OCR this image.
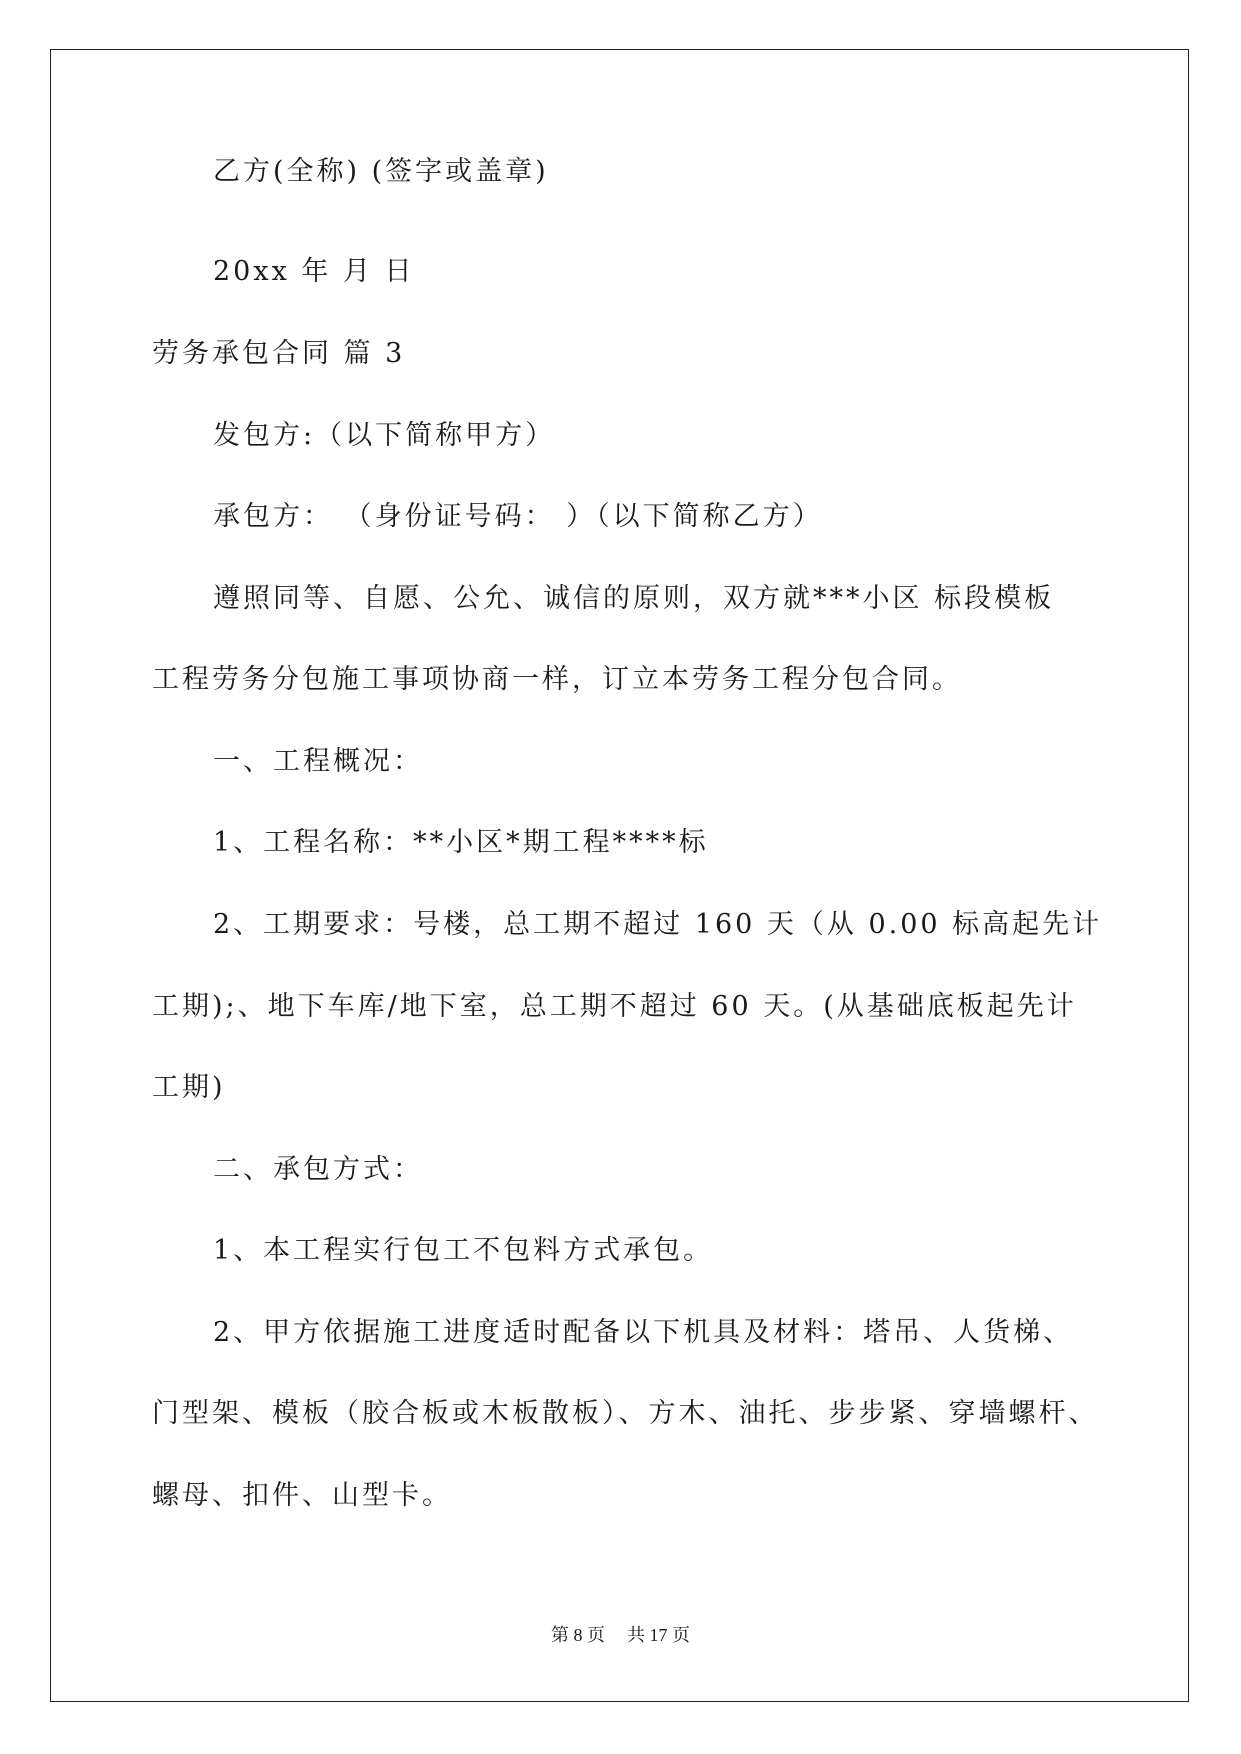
乙方(全称) (签字或盖章)
20xx 年 月 日
劳务承包合同 篇 3
发包方:（以下简称甲方）
承包方： （身份证号码： ）（以下简称乙方）
遵照同等、自愿、公允、诚信的原则，双方就***小区 标段模板
工程劳务分包施工事项协商一样，订立本劳务工程分包合同。
一、工程概况：
1、工程名称：**小区*期工程****标
2、工期要求：号楼，总工期不超过 160 天（从 0.00 标高起先计
工期);、地下车库/地下室，总工期不超过 60 天。(从基础底板起先计
工期)
二、承包方式：
1、本工程实行包工不包料方式承包。
2、甲方依据施工进度适时配备以下机具及材料：塔吊、人货梯、
门型架、模板（胶合板或木板散板）、方木、油托、步步紧、穿墙螺杆、
螺母、扣件、山型卡。
第 8 页 共 17 页
